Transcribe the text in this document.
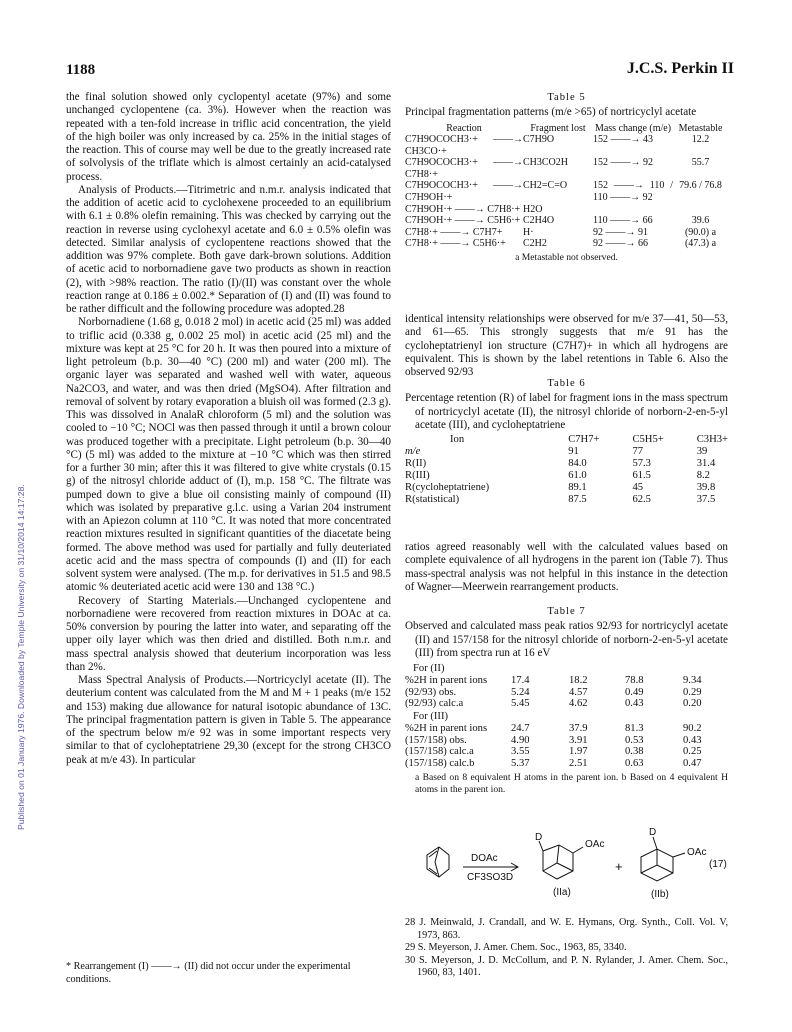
1188	J.C.S. Perkin II
Published on 01 January 1976. Downloaded by Temple University on 31/10/2014 14:17:28.

the final solution showed only cyclopentyl acetate (97%) and some unchanged cyclopentene (ca. 3%). However when the reaction was repeated with a ten-fold increase in triflic acid concentration, the yield of the high boiler was only increased by ca. 25% in the initial stages of the reaction. This of course may well be due to the greatly increased rate of solvolysis of the triflate which is almost certainly an acid-catalysed process.

Analysis of Products.—Titrimetric and n.m.r. analysis indicated that the addition of acetic acid to cyclohexene proceeded to an equilibrium with 6.1 ± 0.8% olefin remaining. This was checked by carrying out the reaction in reverse using cyclohexyl acetate and 6.0 ± 0.5% olefin was detected. Similar analysis of cyclopentene reactions showed that the addition was 97% complete. Both gave dark-brown solutions. Addition of acetic acid to norbornadiene gave two products as shown in reaction (2), with >98% reaction. The ratio (I)/(II) was constant over the whole reaction range at 0.186 ± 0.002.* Separation of (I) and (II) was found to be rather difficult and the following procedure was adopted.28

Norbornadiene (1.68 g, 0.018 2 mol) in acetic acid (25 ml) was added to triflic acid (0.338 g, 0.002 25 mol) in acetic acid (25 ml) and the mixture was kept at 25 °C for 20 h. It was then poured into a mixture of light petroleum (b.p. 30—40 °C) (200 ml) and water (200 ml). The organic layer was separated and washed well with water, aqueous Na2CO3, and water, and was then dried (MgSO4). After filtration and removal of solvent by rotary evaporation a bluish oil was formed (2.3 g). This was dissolved in AnalaR chloroform (5 ml) and the solution was cooled to −10 °C; NOCl was then passed through it until a brown colour was produced together with a precipitate. Light petroleum (b.p. 30—40 °C) (5 ml) was added to the mixture at −10 °C which was then stirred for a further 30 min; after this it was filtered to give white crystals (0.15 g) of the nitrosyl chloride adduct of (I), m.p. 158 °C. The filtrate was pumped down to give a blue oil consisting mainly of compound (II) which was isolated by preparative g.l.c. using a Varian 204 instrument with an Apiezon column at 110 °C. It was noted that more concentrated reaction mixtures resulted in significant quantities of the diacetate being formed. The above method was used for partially and fully deuteriated acetic acid and the mass spectra of compounds (I) and (II) for each solvent system were analysed. (The m.p. for derivatives in 51.5 and 98.5 atomic % deuteriated acetic acid were 130 and 138 °C.)

Recovery of Starting Materials.—Unchanged cyclopentene and norbornadiene were recovered from reaction mixtures in DOAc at ca. 50% conversion by pouring the latter into water, and separating off the upper oily layer which was then dried and distilled. Both n.m.r. and mass spectral analysis showed that deuterium incorporation was less than 2%.

Mass Spectral Analysis of Products.—Nortricyclyl acetate (II). The deuterium content was calculated from the M and M + 1 peaks (m/e 152 and 153) making due allowance for natural isotopic abundance of 13C. The principal fragmentation pattern is given in Table 5. The appearance of the spectrum below m/e 92 was in some important respects very similar to that of cycloheptatriene 29,30 (except for the strong CH3CO peak at m/e 43). In particular

* Rearrangement (I) ——→ (II) did not occur under the experimental conditions.
Table 5
Principal fragmentation patterns (m/e >65) of nortricyclyl acetate
Reaction	Fragment lost	Mass change (m/e)	Metastable
C7H9OCOCH3·+ ——→ CH3CO·+	C7H9O	152 ——→ 43	12.2
C7H9OCOCH3·+ ——→ C7H8·+	CH3CO2H	152 ——→ 92	55.7
C7H9OCOCH3·+ ——→ C7H9OH·+	CH2=C=O	152 ——→ 110 / 110 ——→ 92	79.6 / 76.8
C7H9OH·+ ——→ C7H8·+	H2O		
C7H9OH·+ ——→ C5H6·+	C2H4O	110 ——→ 66	39.6
C7H8·+ ——→ C7H7+	H·	92 ——→ 91	(90.0) a
C7H8·+ ——→ C5H6·+	C2H2	92 ——→ 66	(47.3) a
a Metastable not observed.
identical intensity relationships were observed for m/e 37—41, 50—53, and 61—65. This strongly suggests that m/e 91 has the cycloheptatrienyl ion structure (C7H7)+ in which all hydrogens are equivalent. This is shown by the label retentions in Table 6. Also the observed 92/93
Table 6
Percentage retention (R) of label for fragment ions in the mass spectrum of nortricyclyl acetate (II), the nitrosyl chloride of norborn-2-en-5-yl acetate (III), and cycloheptatriene
Ion	C7H7+	C5H5+	C3H3+
m/e	91	77	39
R(II)	84.0	57.3	31.4
R(III)	61.0	61.5	8.2
R(cycloheptatriene)	89.1	45	39.8
R(statistical)	87.5	62.5	37.5
ratios agreed reasonably well with the calculated values based on complete equivalence of all hydrogens in the parent ion (Table 7). Thus mass-spectral analysis was not helpful in this instance in the detection of Wagner—Meerwein rearrangement products.
Table 7
Observed and calculated mass peak ratios 92/93 for nortricyclyl acetate (II) and 157/158 for the nitrosyl chloride of norborn-2-en-5-yl acetate (III) from spectra run at 16 eV
For (II)
%2H in parent ions	17.4	18.2	78.8	9.34
(92/93) obs.	5.24	4.57	0.49	0.29
(92/93) calc.a	5.45	4.62	0.43	0.20
For (III)
%2H in parent ions	24.7	37.9	81.3	90.2
(157/158) obs.	4.90	3.91	0.53	0.43
(157/158) calc.a	3.55	1.97	0.38	0.25
(157/158) calc.b	5.37	2.51	0.63	0.47
a Based on 8 equivalent H atoms in the parent ion. b Based on 4 equivalent H atoms in the parent ion.
DOAc
CF3SO3D
D
OAc
(IIa)
+
D
OAc
(IIb)
(17)
28 J. Meinwald, J. Crandall, and W. E. Hymans, Org. Synth., Coll. Vol. V, 1973, 863.
29 S. Meyerson, J. Amer. Chem. Soc., 1963, 85, 3340.
30 S. Meyerson, J. D. McCollum, and P. N. Rylander, J. Amer. Chem. Soc., 1960, 83, 1401.
